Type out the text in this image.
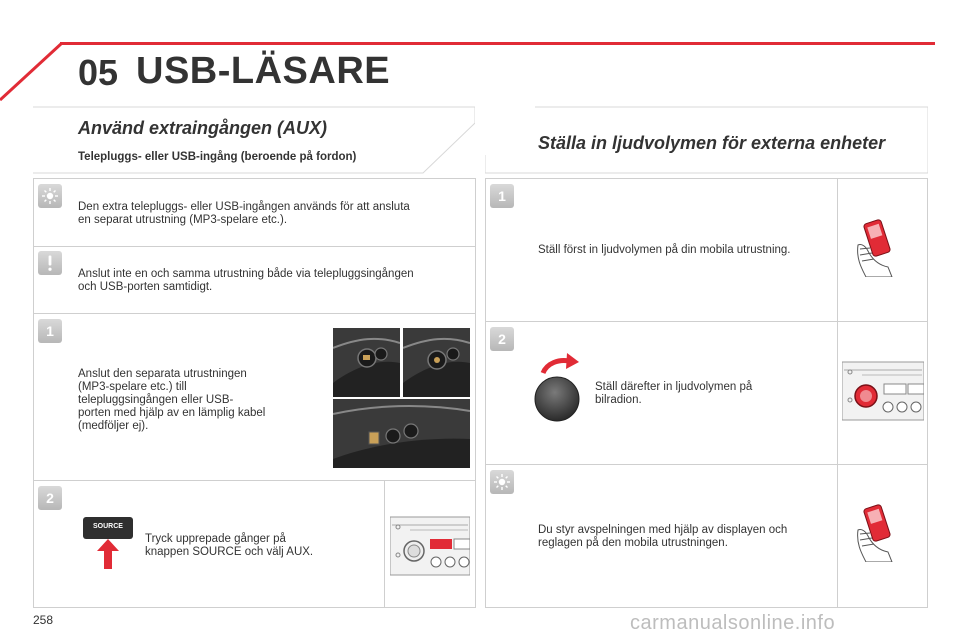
05 USB-LÄSARE
Använd extraingången (AUX)
Telepluggs- eller USB-ingång (beroende på fordon)
Ställa in ljudvolymen för externa enheter
Den extra telepluggs- eller USB-ingången används för att ansluta
en separat utrustning (MP3-spelare etc.).
Anslut inte en och samma utrustning både via telepluggsingången
och USB-porten samtidigt.
1
Anslut den separata utrustningen
(MP3-spelare etc.) till
telepluggsingången eller USB-
porten med hjälp av en lämplig kabel
(medföljer ej).
2
SOURCE
Tryck upprepade gånger på
knappen SOURCE och välj AUX.
1
Ställ först in ljudvolymen på din mobila utrustning.
2
Ställ därefter in ljudvolymen på
bilradion.
Du styr avspelningen med hjälp av displayen och
reglagen på den mobila utrustningen.
258	carmanualsonline.info
